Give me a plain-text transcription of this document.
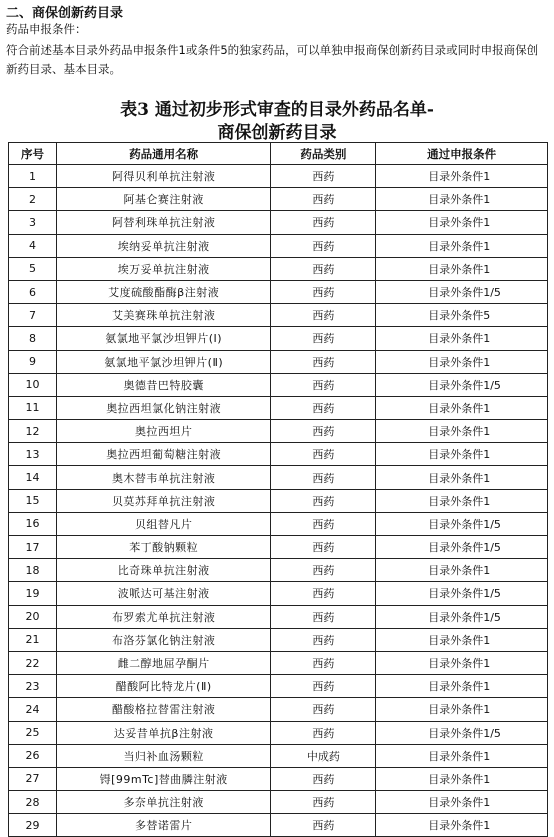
二、商保创新药目录
药品申报条件：
符合前述基本目录外药品申报条件1或条件5的独家药品，可以单独申报商保创新药目录或同时申报商保创新药目录、基本目录。
表3 通过初步形式审查的目录外药品名单-
商保创新药目录
序号	药品通用名称	药品类别	通过申报条件
1	阿得贝利单抗注射液	西药	目录外条件1
2	阿基仑赛注射液	西药	目录外条件1
3	阿替利珠单抗注射液	西药	目录外条件1
4	埃纳妥单抗注射液	西药	目录外条件1
5	埃万妥单抗注射液	西药	目录外条件1
6	艾度硫酸酯酶β注射液	西药	目录外条件1/5
7	艾美赛珠单抗注射液	西药	目录外条件5
8	氨氯地平氯沙坦钾片(Ⅰ)	西药	目录外条件1
9	氨氯地平氯沙坦钾片(Ⅱ)	西药	目录外条件1
10	奥德昔巴特胶囊	西药	目录外条件1/5
11	奥拉西坦氯化钠注射液	西药	目录外条件1
12	奥拉西坦片	西药	目录外条件1
13	奥拉西坦葡萄糖注射液	西药	目录外条件1
14	奥木替韦单抗注射液	西药	目录外条件1
15	贝莫苏拜单抗注射液	西药	目录外条件1
16	贝组替凡片	西药	目录外条件1/5
17	苯丁酸钠颗粒	西药	目录外条件1/5
18	比奇珠单抗注射液	西药	目录外条件1
19	波哌达可基注射液	西药	目录外条件1/5
20	布罗索尤单抗注射液	西药	目录外条件1/5
21	布洛芬氯化钠注射液	西药	目录外条件1
22	雌二醇地屈孕酮片	西药	目录外条件1
23	醋酸阿比特龙片(Ⅱ)	西药	目录外条件1
24	醋酸格拉替雷注射液	西药	目录外条件1
25	达妥昔单抗β注射液	西药	目录外条件1/5
26	当归补血汤颗粒	中成药	目录外条件1
27	锝[99mTc]替曲膦注射液	西药	目录外条件1
28	多奈单抗注射液	西药	目录外条件1
29	多替诺雷片	西药	目录外条件1
